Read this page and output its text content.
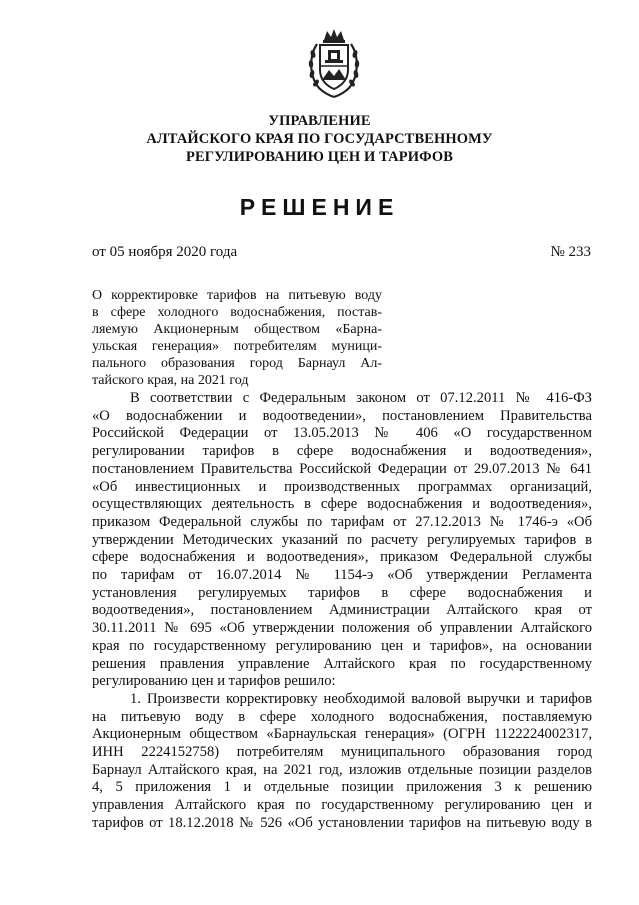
УПРАВЛЕНИЕ
АЛТАЙСКОГО КРАЯ ПО ГОСУДАРСТВЕННОМУ
РЕГУЛИРОВАНИЮ ЦЕН И ТАРИФОВ
РЕШЕНИЕ
от 05 ноября 2020 года	№ 233
О корректировке тарифов на питьевую воду
в сфере холодного водоснабжения, постав-
ляемую Акционерным обществом «Барна-
ульская генерация» потребителям муници-
пального образования город Барнаул Ал-
тайского края, на 2021 год
В соответствии с Федеральным законом от 07.12.2011 № 416-ФЗ
«О водоснабжении и водоотведении», постановлением Правительства
Российской Федерации от 13.05.2013 № 406 «О государственном
регулировании тарифов в сфере водоснабжения и водоотведения»,
постановлением Правительства Российской Федерации от 29.07.2013 № 641
«Об инвестиционных и производственных программах организаций,
осуществляющих деятельность в сфере водоснабжения и водоотведения»,
приказом Федеральной службы по тарифам от 27.12.2013 № 1746-э «Об
утверждении Методических указаний по расчету регулируемых тарифов в
сфере водоснабжения и водоотведения», приказом Федеральной службы
по тарифам от 16.07.2014 № 1154-э «Об утверждении Регламента
установления регулируемых тарифов в сфере водоснабжения и
водоотведения», постановлением Администрации Алтайского края от
30.11.2011 № 695 «Об утверждении положения об управлении Алтайского
края по государственному регулированию цен и тарифов», на основании
решения правления управление Алтайского края по государственному
регулированию цен и тарифов решило:
1. Произвести корректировку необходимой валовой выручки и тарифов
на питьевую воду в сфере холодного водоснабжения, поставляемую
Акционерным обществом «Барнаульская генерация» (ОГРН 1122224002317,
ИНН 2224152758) потребителям муниципального образования город
Барнаул Алтайского края, на 2021 год, изложив отдельные позиции разделов
4, 5 приложения 1 и отдельные позиции приложения 3 к решению
управления Алтайского края по государственному регулированию цен и
тарифов от 18.12.2018 № 526 «Об установлении тарифов на питьевую воду в
